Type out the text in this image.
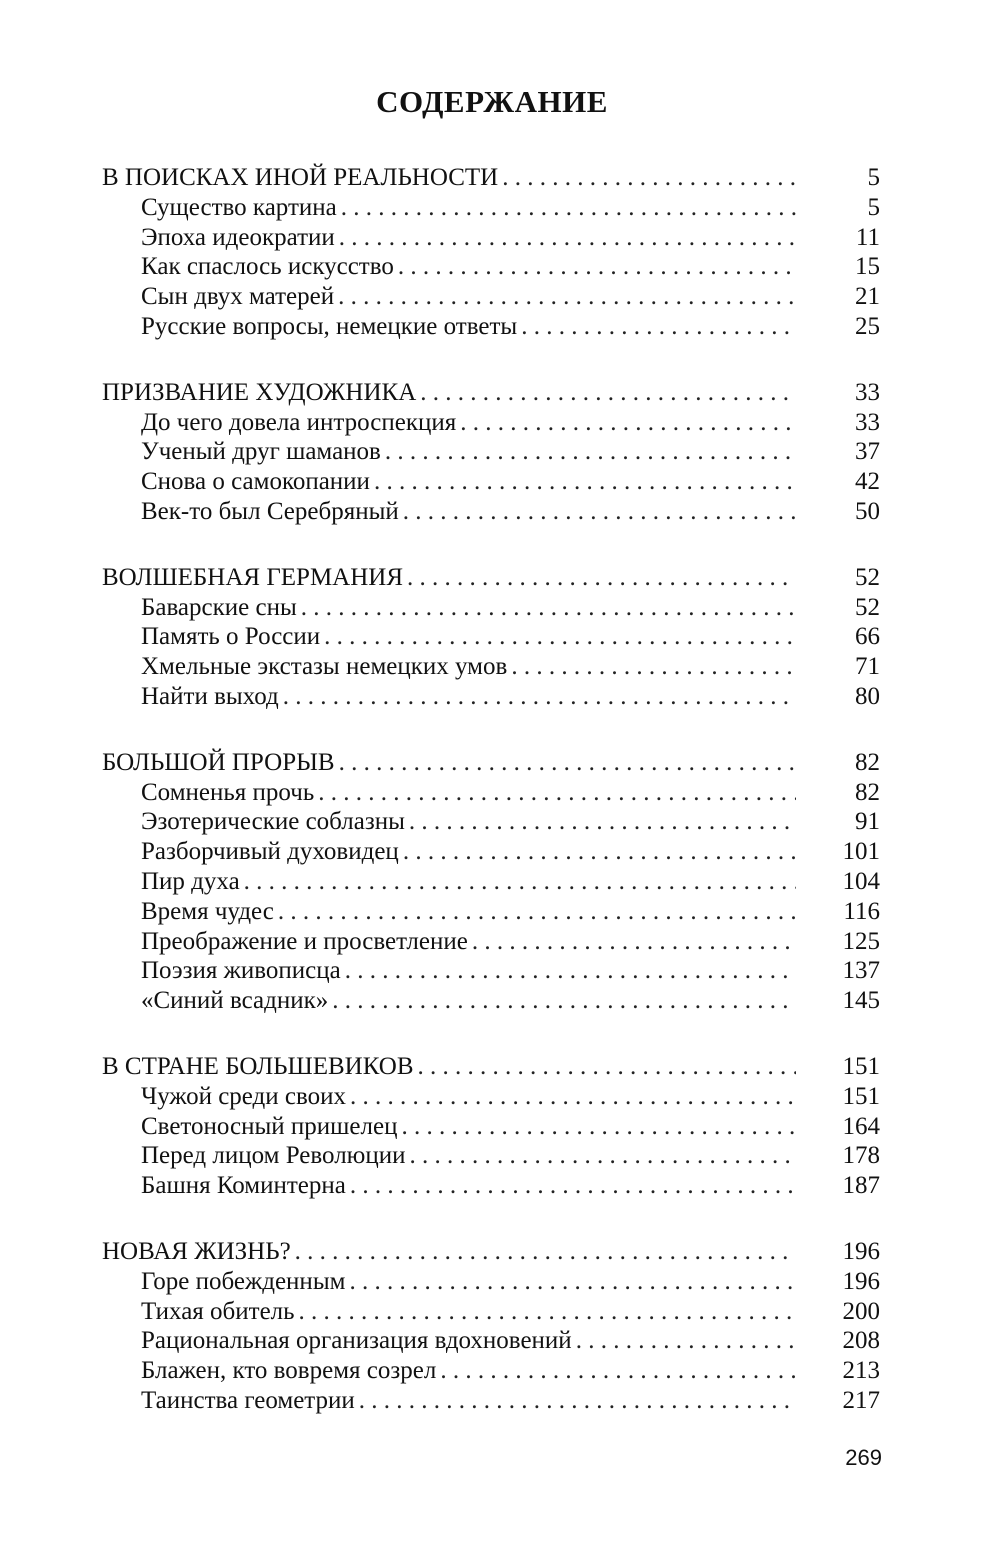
СОДЕРЖАНИЕ
В ПОИСКАХ ИНОЙ РЕАЛЬНОСТИ . . .	5
Существо картина . . .	5
Эпоха идеократии . . .	11
Как спаслось искусство . . .	15
Сын двух матерей . . .	21
Русские вопросы, немецкие ответы . . .	25
ПРИЗВАНИЕ ХУДОЖНИКА . . .	33
До чего довела интроспекция . . .	33
Ученый друг шаманов . . .	37
Снова о самокопании . . .	42
Век-то был Серебряный . . .	50
ВОЛШЕБНАЯ ГЕРМАНИЯ . . .	52
Баварские сны . . .	52
Память о России . . .	66
Хмельные экстазы немецких умов . . .	71
Найти выход . . .	80
БОЛЬШОЙ ПРОРЫВ . . .	82
Сомненья прочь . . .	82
Эзотерические соблазны . . .	91
Разборчивый духовидец . . .	101
Пир духа . . .	104
Время чудес . . .	116
Преображение и просветление . . .	125
Поэзия живописца . . .	137
«Синий всадник» . . .	145
В СТРАНЕ БОЛЬШЕВИКОВ . . .	151
Чужой среди своих . . .	151
Светоносный пришелец . . .	164
Перед лицом Революции . . .	178
Башня Коминтерна . . .	187
НОВАЯ ЖИЗНЬ? . . .	196
Горе побежденным . . .	196
Тихая обитель . . .	200
Рациональная организация вдохновений . . .	208
Блажен, кто вовремя созрел . . .	213
Таинства геометрии . . .	217
269
